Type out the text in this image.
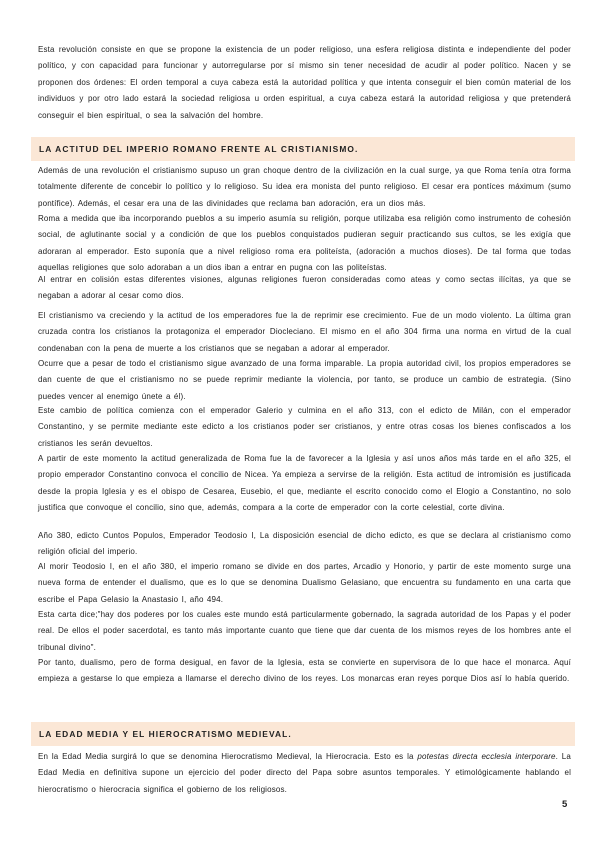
Esta revolución consiste en que se propone la existencia de un poder religioso, una esfera religiosa distinta e independiente del poder político, y con capacidad para funcionar y autorregularse por sí mismo sin tener necesidad de acudir al poder político. Nacen y se proponen dos órdenes: El orden temporal a cuya cabeza está la autoridad política y que intenta conseguir el bien común material de los individuos y por otro lado estará la sociedad religiosa u orden espiritual, a cuya cabeza estará la autoridad religiosa y que pretenderá conseguir el bien espiritual, o sea la salvación del hombre.

LA ACTITUD DEL IMPERIO ROMANO FRENTE AL CRISTIANISMO.

Además de una revolución el cristianismo supuso un gran choque dentro de la civilización en la cual surge, ya que Roma tenía otra forma totalmente diferente de concebir lo político y lo religioso. Su idea era monista del punto religioso. El cesar era pontíces máximum (sumo pontífice). Además, el cesar era una de las divinidades que reclama ban adoración, era un dios más.

Roma a medida que iba incorporando pueblos a su imperio asumía su religión, porque utilizaba esa religión como instrumento de cohesión social, de aglutinante social y a condición de que los pueblos conquistados pudieran seguir practicando sus cultos, se les exigía que adoraran al emperador. Esto suponía que a nivel religioso roma era politeísta, (adoración a muchos dioses). De tal forma que todas aquellas religiones que solo adoraban a un dios iban a entrar en pugna con las politeístas.

Al entrar en colisión estas diferentes visiones, algunas religiones fueron consideradas como ateas y como sectas ilícitas, ya que se negaban a adorar al cesar como dios.

El cristianismo va creciendo y la actitud de los emperadores fue la de reprimir ese crecimiento. Fue de un modo violento. La última gran cruzada contra los cristianos la protagoniza el emperador Diocleciano. El mismo en el año 304 firma una norma en virtud de la cual condenaban con la pena de muerte a los cristianos que se negaban a adorar al emperador.

Ocurre que a pesar de todo el cristianismo sigue avanzado de una forma imparable. La propia autoridad civil, los propios emperadores se dan cuente de que el cristianismo no se puede reprimir mediante la violencia, por tanto, se produce un cambio de estrategia. (Sino puedes vencer al enemigo únete a él).

Este cambio de política comienza con el emperador Galerio y culmina en el año 313, con el edicto de Milán, con el emperador Constantino, y se permite mediante este edicto a los cristianos poder ser cristianos, y entre otras cosas los bienes confiscados a los cristianos les serán devueltos.

A partir de este momento la actitud generalizada de Roma fue la de favorecer a la Iglesia y así unos años más tarde en el año 325, el propio emperador Constantino convoca el concilio de Nicea. Ya empieza a servirse de la religión. Esta actitud de intromisión es justificada desde la propia Iglesia y es el obispo de Cesarea, Eusebio, el que, mediante el escrito conocido como el Elogio a Constantino, no solo justifica que convoque el concilio, sino que, además, compara a la corte de emperador con la corte celestial, corte divina.

Año 380, edicto Cuntos Populos, Emperador Teodosio I, La disposición esencial de dicho edicto, es que se declara al cristianismo como religión oficial del imperio.

Al morir Teodosio I, en el año 380, el imperio romano se divide en dos partes, Arcadio y Honorio, y partir de este momento surge una nueva forma de entender el dualismo, que es lo que se denomina Dualismo Gelasiano, que encuentra su fundamento en una carta que escribe el Papa Gelasio la Anastasio I, año 494.

Esta carta dice;"hay dos poderes por los cuales este mundo está particularmente gobernado, la sagrada autoridad de los Papas y el poder real. De ellos el poder sacerdotal, es tanto más importante cuanto que tiene que dar cuenta de los mismos reyes de los hombres ante el tribunal divino".

Por tanto, dualismo, pero de forma desigual, en favor de la Iglesia, esta se convierte en supervisora de lo que hace el monarca. Aquí empieza a gestarse lo que empieza a llamarse el derecho divino de los reyes. Los monarcas eran reyes porque Dios así lo había querido.

LA EDAD MEDIA Y EL HIEROCRATISMO MEDIEVAL.

En la Edad Media surgirá lo que se denomina Hierocratismo Medieval, la Hierocracia. Esto es la potestas directa ecclesia interporare. La Edad Media en definitiva supone un ejercicio del poder directo del Papa sobre asuntos temporales. Y etimológicamente hablando el hierocratismo o hierocracia significa el gobierno de los religiosos.

5
